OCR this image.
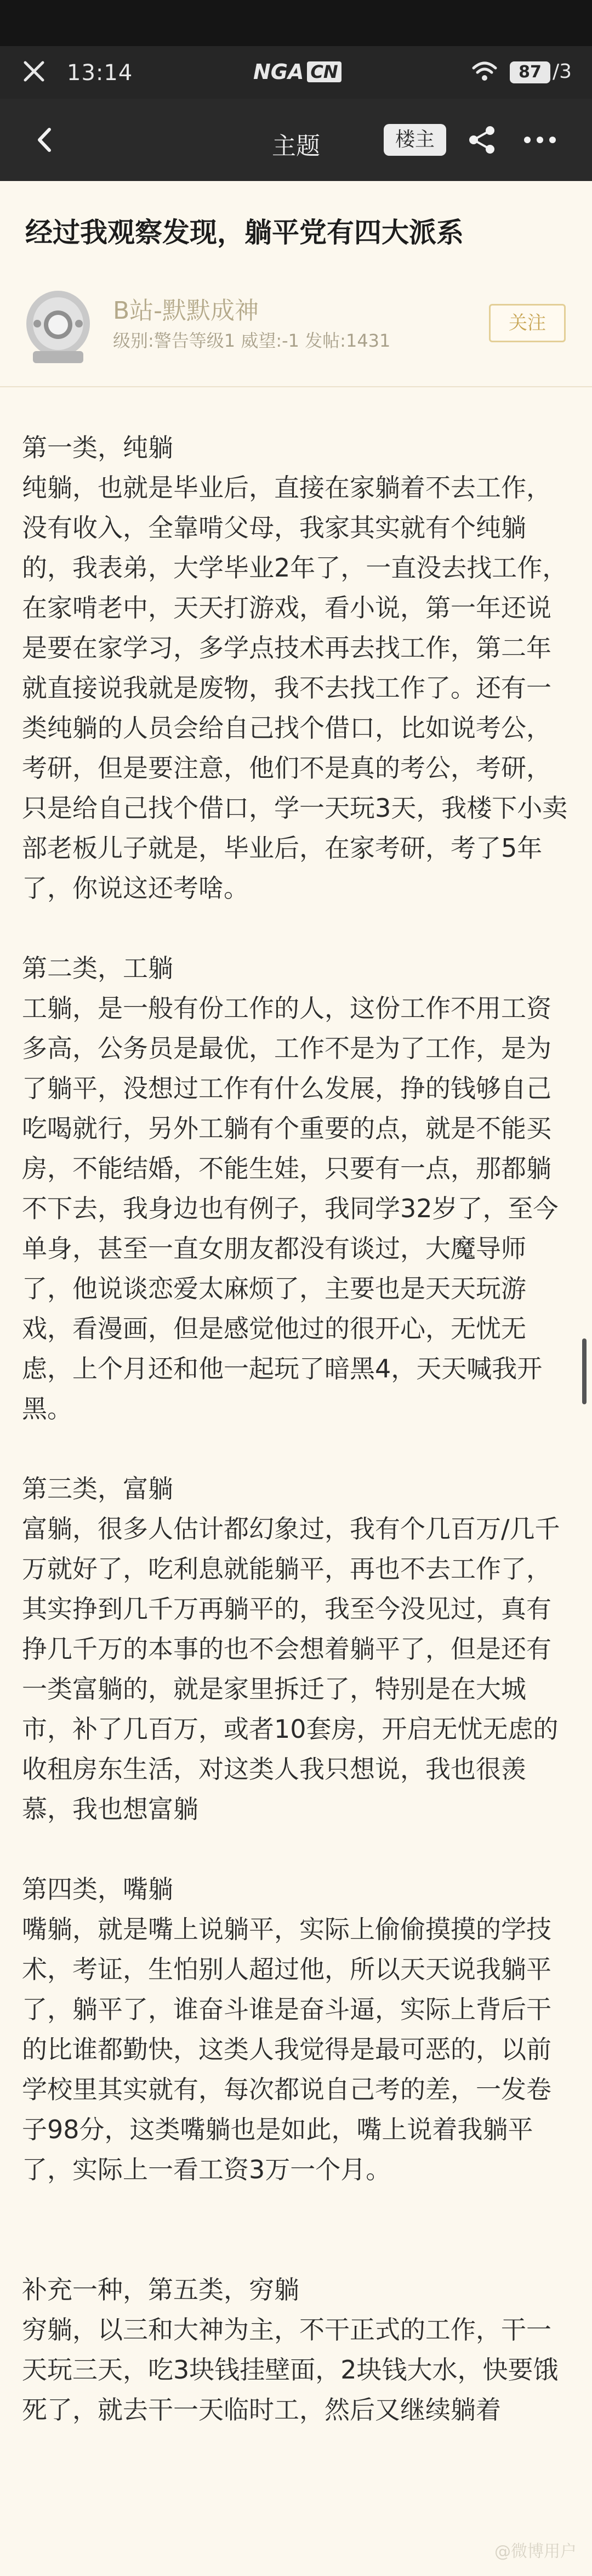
13:14	NGA CN	87 /3
主题	楼主
经过我观察发现，躺平党有四大派系
B站-默默成神
级别:警告等级1 威望:-1 发帖:1431
关注
第一类，纯躺
纯躺，也就是毕业后，直接在家躺着不去工作，没有收入，全靠啃父母，我家其实就有个纯躺的，我表弟，大学毕业2年了，一直没去找工作，在家啃老中，天天打游戏，看小说，第一年还说是要在家学习，多学点技术再去找工作，第二年就直接说我就是废物，我不去找工作了。还有一类纯躺的人员会给自己找个借口，比如说考公，考研，但是要注意，他们不是真的考公，考研，只是给自己找个借口，学一天玩3天，我楼下小卖部老板儿子就是，毕业后，在家考研，考了5年了，你说这还考啥。
第二类，工躺
工躺，是一般有份工作的人，这份工作不用工资多高，公务员是最优，工作不是为了工作，是为了躺平，没想过工作有什么发展，挣的钱够自己吃喝就行，另外工躺有个重要的点，就是不能买房，不能结婚，不能生娃，只要有一点，那都躺不下去，我身边也有例子，我同学32岁了，至今单身，甚至一直女朋友都没有谈过，大魔导师了，他说谈恋爱太麻烦了，主要也是天天玩游戏，看漫画，但是感觉他过的很开心，无忧无虑，上个月还和他一起玩了暗黑4，天天喊我开黑。
第三类，富躺
富躺，很多人估计都幻象过，我有个几百万/几千万就好了，吃利息就能躺平，再也不去工作了，其实挣到几千万再躺平的，我至今没见过，真有挣几千万的本事的也不会想着躺平了，但是还有一类富躺的，就是家里拆迁了，特别是在大城市，补了几百万，或者10套房，开启无忧无虑的收租房东生活，对这类人我只想说，我也很羡慕，我也想富躺
第四类，嘴躺
嘴躺，就是嘴上说躺平，实际上偷偷摸摸的学技术，考证，生怕别人超过他，所以天天说我躺平了，躺平了，谁奋斗谁是奋斗逼，实际上背后干的比谁都勤快，这类人我觉得是最可恶的，以前学校里其实就有，每次都说自己考的差，一发卷子98分，这类嘴躺也是如此，嘴上说着我躺平了，实际上一看工资3万一个月。
补充一种，第五类，穷躺
穷躺，以三和大神为主，不干正式的工作，干一天玩三天，吃3块钱挂壁面，2块钱大水，快要饿死了，就去干一天临时工，然后又继续躺着
@微博用户
